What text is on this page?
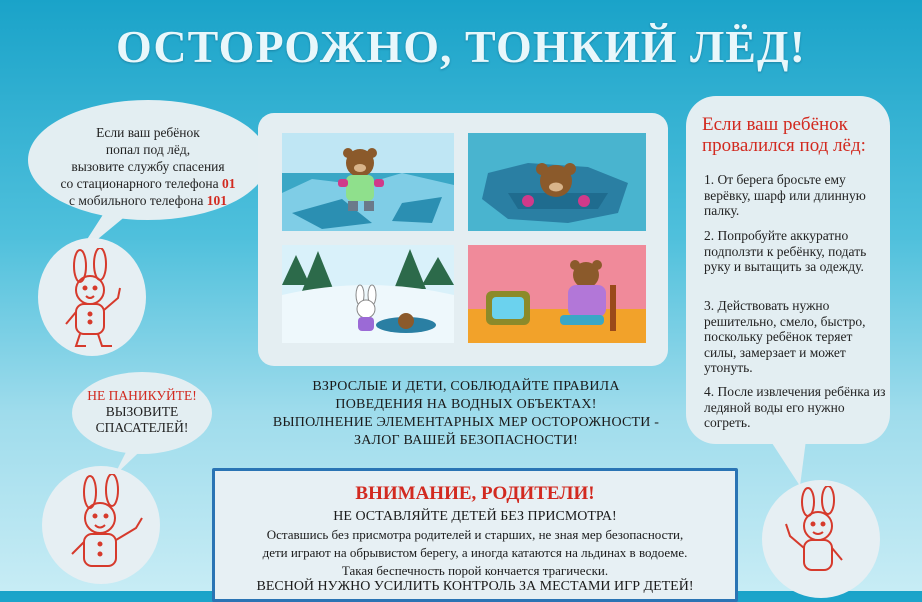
ОСТОРОЖНО, ТОНКИЙ ЛЁД!
Если ваш ребёнок
попал под лёд,
вызовите службу спасения
со стационарного телефона 01
с мобильного телефона 101
НЕ ПАНИКУЙТЕ!
ВЫЗОВИТЕ
СПАСАТЕЛЕЙ!
Если ваш ребёнок провалился под лёд:
1. От берега бросьте ему верёвку, шарф или длинную палку.
2. Попробуйте аккуратно подползти к ребёнку, подать руку и вытащить за одежду.
3. Действовать нужно решительно, смело, быстро, поскольку ребёнок теряет силы, замерзает и может утонуть.
4. После извлечения ребёнка из ледяной воды его нужно согреть.
ВЗРОСЛЫЕ И ДЕТИ, СОБЛЮДАЙТЕ ПРАВИЛА
ПОВЕДЕНИЯ НА ВОДНЫХ ОБЪЕКТАХ!
ВЫПОЛНЕНИЕ ЭЛЕМЕНТАРНЫХ МЕР ОСТОРОЖНОСТИ -
ЗАЛОГ ВАШЕЙ БЕЗОПАСНОСТИ!
ВНИМАНИЕ, РОДИТЕЛИ!
НЕ ОСТАВЛЯЙТЕ ДЕТЕЙ БЕЗ ПРИСМОТРА!
Оставшись без присмотра родителей и старших, не зная мер безопасности,
дети играют на обрывистом берегу, а иногда катаются на льдинах в водоеме.
Такая беспечность порой кончается трагически.
ВЕСНОЙ НУЖНО УСИЛИТЬ КОНТРОЛЬ ЗА МЕСТАМИ ИГР ДЕТЕЙ!
